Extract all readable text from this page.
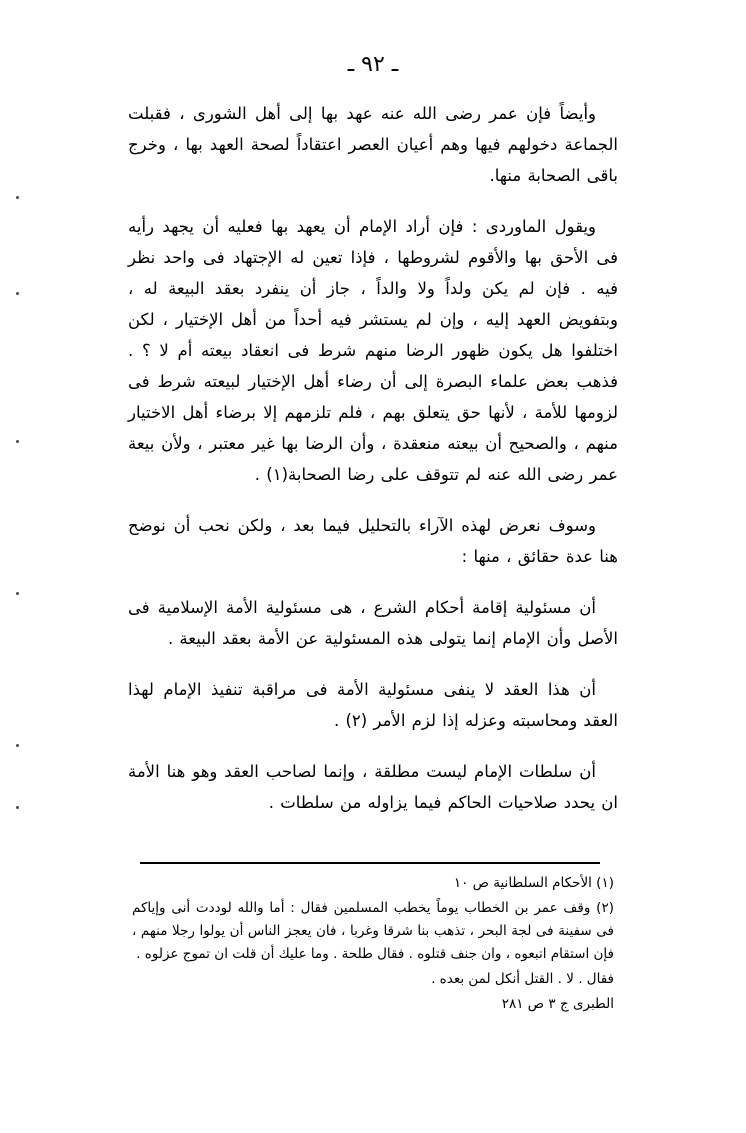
ـ ٩٢ ـ

وأيضاً فإن عمر رضى الله عنه عهد بها إلى أهل الشورى ، فقبلت الجماعة دخولهم فيها وهم أعيان العصر اعتقاداً لصحة العهد بها ، وخرج باقى الصحابة منها.

ويقول الماوردى : فإن أراد الإمام أن يعهد بها فعليه أن يجهد رأيه فى الأحق بها والأقوم لشروطها ، فإذا تعين له الإجتهاد فى واحد نظر فيه . فإن لم يكن ولداً ولا والداً ، جاز أن ينفرد بعقد البيعة له ، وبتفويض العهد إليه ، وإن لم يستشر فيه أحداً من أهل الإختيار ، لكن اختلفوا هل يكون ظهور الرضا منهم شرط فى انعقاد بيعته أم لا ؟ . فذهب بعض علماء البصرة إلى أن رضاء أهل الإختيار لبيعته شرط فى لزومها للأمة ، لأنها حق يتعلق بهم ، فلم تلزمهم إلا برضاء أهل الاختيار منهم ، والصحيح أن بيعته منعقدة ، وأن الرضا بها غير معتبر ، ولأن بيعة عمر رضى الله عنه لم تتوقف على رضا الصحابة(١) .

وسوف نعرض لهذه الآراء بالتحليل فيما بعد ، ولكن نحب أن نوضح هنا عدة حقائق ، منها :

أن مسئولية إقامة أحكام الشرع ، هى مسئولية الأمة الإسلامية فى الأصل وأن الإمام إنما يتولى هذه المسئولية عن الأمة بعقد البيعة .

أن هذا العقد لا ينفى مسئولية الأمة فى مراقبة تنفيذ الإمام لهذا العقد ومحاسبته وعزله إذا لزم الأمر (٢) .

أن سلطات الإمام ليست مطلقة ، وإنما لصاحب العقد وهو هنا الأمة ان يحدد صلاحيات الحاكم فيما يزاوله من سلطات .

(١) الأحكام السلطانية ص ١٠

(٢) وقف عمر بن الخطاب يوماً يخطب المسلمين فقال : أما والله لوددت أنى وإياكم فى سفينة فى لجة البحر ، تذهب بنا شرقا وغربا ، فان يعجز الناس أن يولوا رجلا منهم ، فإن استقام اتبعوه ، وان جنف قتلوه . فقال طلحة . وما عليك أن قلت ان تموج عزلوه .

فقال . لا . القتل أنكل لمن بعده .

الطبرى ج ٣ ص ٢٨١
